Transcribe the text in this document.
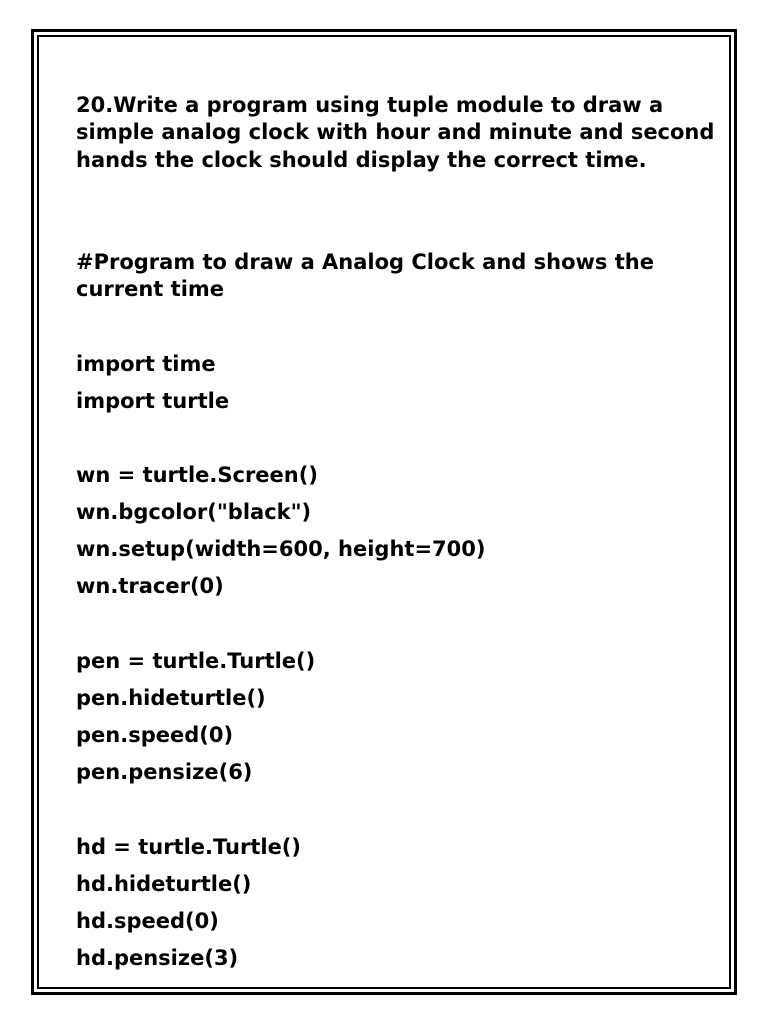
20.Write a program using tuple module to draw a simple analog clock with hour and minute and second hands the clock should display the correct time.

#Program to draw a Analog Clock and shows the current time

import time
import turtle
wn = turtle.Screen()
wn.bgcolor("black")
wn.setup(width=600, height=700)
wn.tracer(0)
pen = turtle.Turtle()
pen.hideturtle()
pen.speed(0)
pen.pensize(6)
hd = turtle.Turtle()
hd.hideturtle()
hd.speed(0)
hd.pensize(3)
